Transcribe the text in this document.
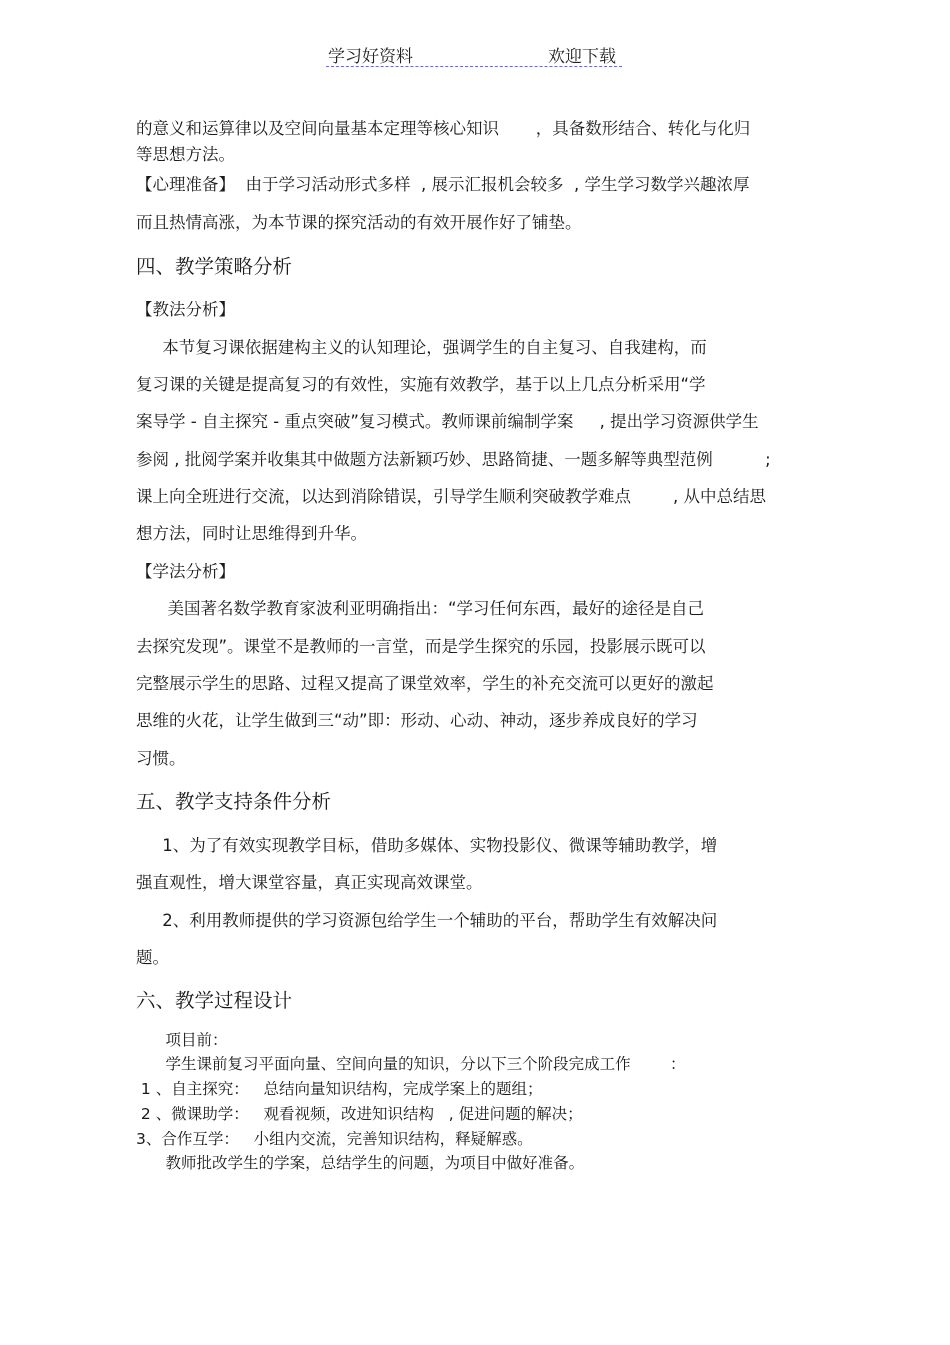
学习好资料	欢迎下载
的意义和运算律以及空间向量基本定理等核心知识       ，具备数形结合、转化与化归
等思想方法。
【心理准备】  由于学习活动形式多样  , 展示汇报机会较多  , 学生学习数学兴趣浓厚
而且热情高涨，为本节课的探究活动的有效开展作好了铺垫。
四、教学策略分析
【教法分析】
本节复习课依据建构主义的认知理论，强调学生的自主复习、自我建构，而
复习课的关键是提高复习的有效性，实施有效教学，基于以上几点分析采用“学
案导学 - 自主探究 - 重点突破”复习模式。教师课前编制学案     , 提出学习资源供学生
参阅 , 批阅学案并收集其中做题方法新颖巧妙、思路简捷、一题多解等典型范例          ;
课上向全班进行交流，以达到消除错误，引导学生顺利突破教学难点        , 从中总结思
想方法，同时让思维得到升华。
【学法分析】
美国著名数学教育家波利亚明确指出：“学习任何东西，最好的途径是自己
去探究发现”。课堂不是教师的一言堂，而是学生探究的乐园，投影展示既可以
完整展示学生的思路、过程又提高了课堂效率，学生的补充交流可以更好的激起
思维的火花，让学生做到三“动”即：形动、心动、神动，逐步养成良好的学习
习惯。
五、教学支持条件分析
1、为了有效实现教学目标，借助多媒体、实物投影仪、微课等辅助教学，增
强直观性，增大课堂容量，真正实现高效课堂。
2、利用教师提供的学习资源包给学生一个辅助的平台，帮助学生有效解决问
题。
六、教学过程设计
项目前：
学生课前复习平面向量、空间向量的知识，分以下三个阶段完成工作        ：
1 、自主探究：   总结向量知识结构，完成学案上的题组；
2 、微课助学：   观看视频，改进知识结构   , 促进问题的解决；
3、合作互学：   小组内交流，完善知识结构，释疑解惑。
教师批改学生的学案，总结学生的问题，为项目中做好准备。
